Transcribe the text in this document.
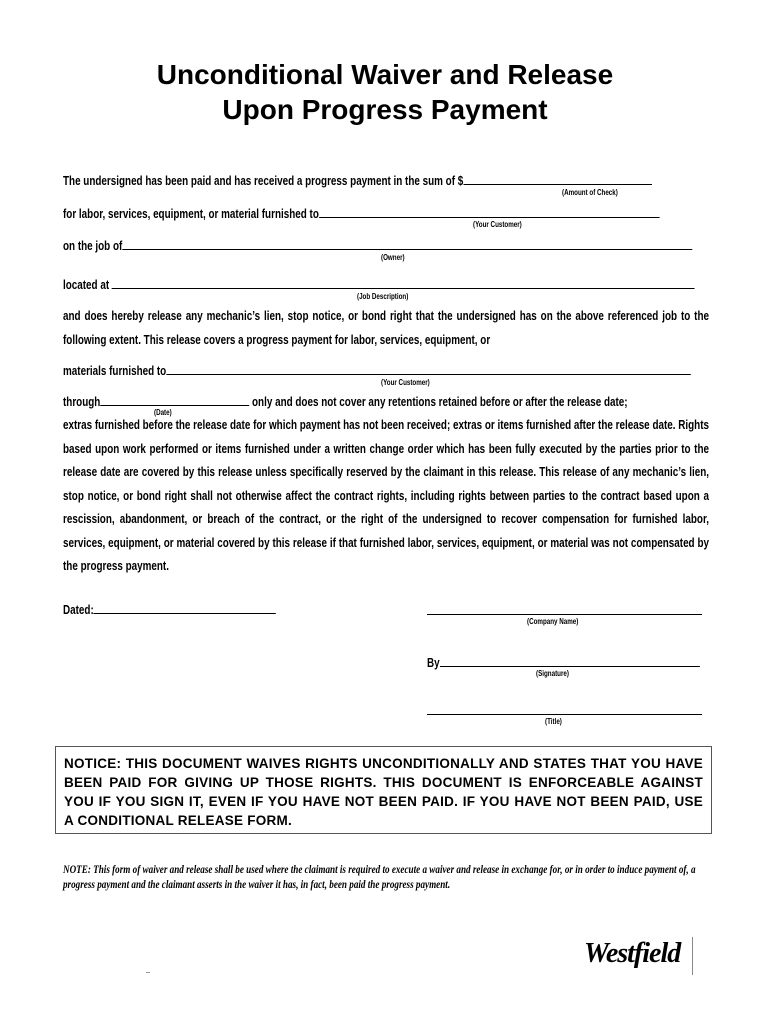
Unconditional Waiver and Release
Upon Progress Payment
The undersigned has been paid and has received a progress payment in the sum of $
(Amount of Check)
for labor, services, equipment, or material furnished to
(Your Customer)
on the job of
(Owner)
located at
(Job Description)
and does hereby release any mechanic’s lien, stop notice, or bond right that the undersigned has on the above referenced job to the following extent. This release covers a progress payment for labor, services, equipment, or
materials furnished to
(Your Customer)
through	only and does not cover any retentions retained before or after the release date;
(Date)
extras furnished before the release date for which payment has not been received; extras or items furnished after the release date. Rights based upon work performed or items furnished under a written change order which has been fully executed by the parties prior to the release date are covered by this release unless specifically reserved by the claimant in this release. This release of any mechanic’s lien, stop notice, or bond right shall not otherwise affect the contract rights, including rights between parties to the contract based upon a rescission, abandonment, or breach of the contract, or the right of the undersigned to recover compensation for furnished labor, services, equipment, or material covered by this release if that furnished labor, services, equipment, or material was not compensated by the progress payment.
Dated:
(Company Name)
By
(Signature)
(Title)
NOTICE: THIS DOCUMENT WAIVES RIGHTS UNCONDITIONALLY AND STATES THAT YOU HAVE BEEN PAID FOR GIVING UP THOSE RIGHTS. THIS DOCUMENT IS ENFORCEABLE AGAINST YOU IF YOU SIGN IT, EVEN IF YOU HAVE NOT BEEN PAID. IF YOU HAVE NOT BEEN PAID, USE A CONDITIONAL RELEASE FORM.
NOTE: This form of waiver and release shall be used where the claimant is required to execute a waiver and release in exchange for, or in order to induce payment of, a progress payment and the claimant asserts in the waiver it has, in fact, been paid the progress payment.
Westfield
